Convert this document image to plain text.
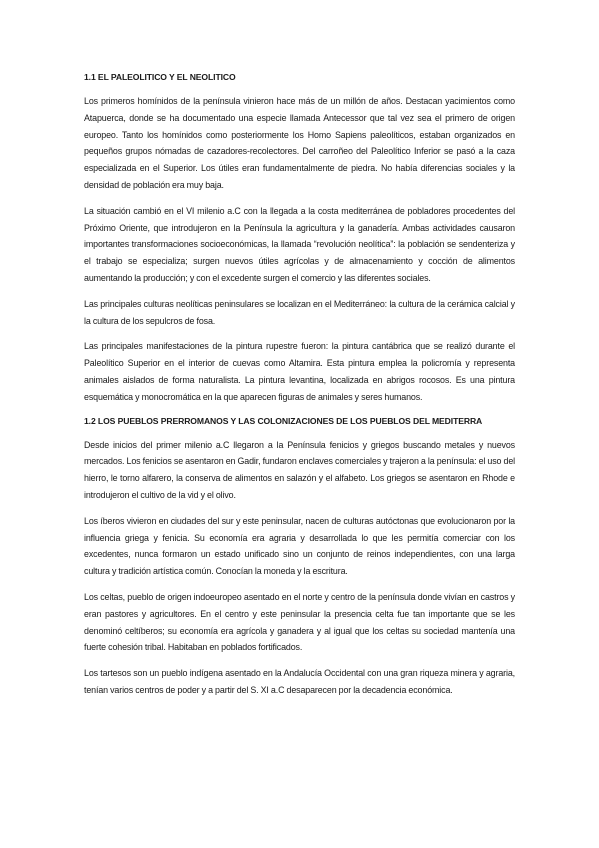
1.1 EL PALEOLITICO Y EL NEOLITICO

Los primeros homínidos de la península vinieron hace más de un millón de años. Destacan yacimientos como Atapuerca, donde se ha documentado una especie llamada Antecessor que tal vez sea el primero de origen europeo. Tanto los homínidos como posteriormente los Homo Sapiens paleolíticos, estaban organizados en pequeños grupos nómadas de cazadores-recolectores. Del carroñeo del Paleolítico Inferior se pasó a la caza especializada en el Superior. Los útiles eran fundamentalmente de piedra. No había diferencias sociales y la densidad de población era muy baja.

La situación cambió en el VI milenio a.C con la llegada a la costa mediterránea de pobladores procedentes del Próximo Oriente, que introdujeron en la Península la agricultura y la ganadería. Ambas actividades causaron importantes transformaciones socioeconómicas, la llamada “revolución neolítica”: la población se sendenteriza y el trabajo se especializa; surgen nuevos útiles agrícolas y de almacenamiento y cocción de alimentos aumentando la producción; y con el excedente surgen el comercio y las diferentes sociales.

Las principales culturas neolíticas peninsulares se localizan en el Mediterráneo: la cultura de la cerámica calcial y la cultura de los sepulcros de fosa.

Las principales manifestaciones de la pintura rupestre fueron: la pintura cantábrica que se realizó durante el Paleolítico Superior en el interior de cuevas como Altamira. Esta pintura emplea la policromía y representa animales aislados de forma naturalista. La pintura levantina, localizada en abrigos rocosos. Es una pintura esquemática y monocromática en la que aparecen figuras de animales y seres humanos.

1.2 LOS PUEBLOS PRERROMANOS Y LAS COLONIZACIONES DE LOS PUEBLOS DEL MEDITERRA

Desde inicios del primer milenio a.C llegaron a la Península fenicios y griegos buscando metales y nuevos mercados. Los fenicios se asentaron en Gadir, fundaron enclaves comerciales y trajeron a la península: el uso del hierro, le torno alfarero, la conserva de alimentos en salazón y el alfabeto. Los griegos se asentaron en Rhode e introdujeron el cultivo de la vid y el olivo.

Los íberos vivieron en ciudades del sur y este peninsular, nacen de culturas autóctonas que evolucionaron por la influencia griega y fenicia. Su economía era agraria y desarrollada lo que les permitía comerciar con los excedentes, nunca formaron un estado unificado sino un conjunto de reinos independientes, con una larga cultura y tradición artística común. Conocían la moneda y la escritura.

Los celtas, pueblo de origen indoeuropeo asentado en el norte y centro de la península donde vivían en castros y eran pastores y agricultores. En el centro y este peninsular la presencia celta fue tan importante que se les denominó celtíberos; su economía era agrícola y ganadera y al igual que los celtas su sociedad mantenía una fuerte cohesión tribal. Habitaban en poblados fortificados.

Los tartesos son un pueblo indígena asentado en la Andalucía Occidental con una gran riqueza minera y agraria, tenían varios centros de poder y a partir del S. XI a.C desaparecen por la decadencia económica.
